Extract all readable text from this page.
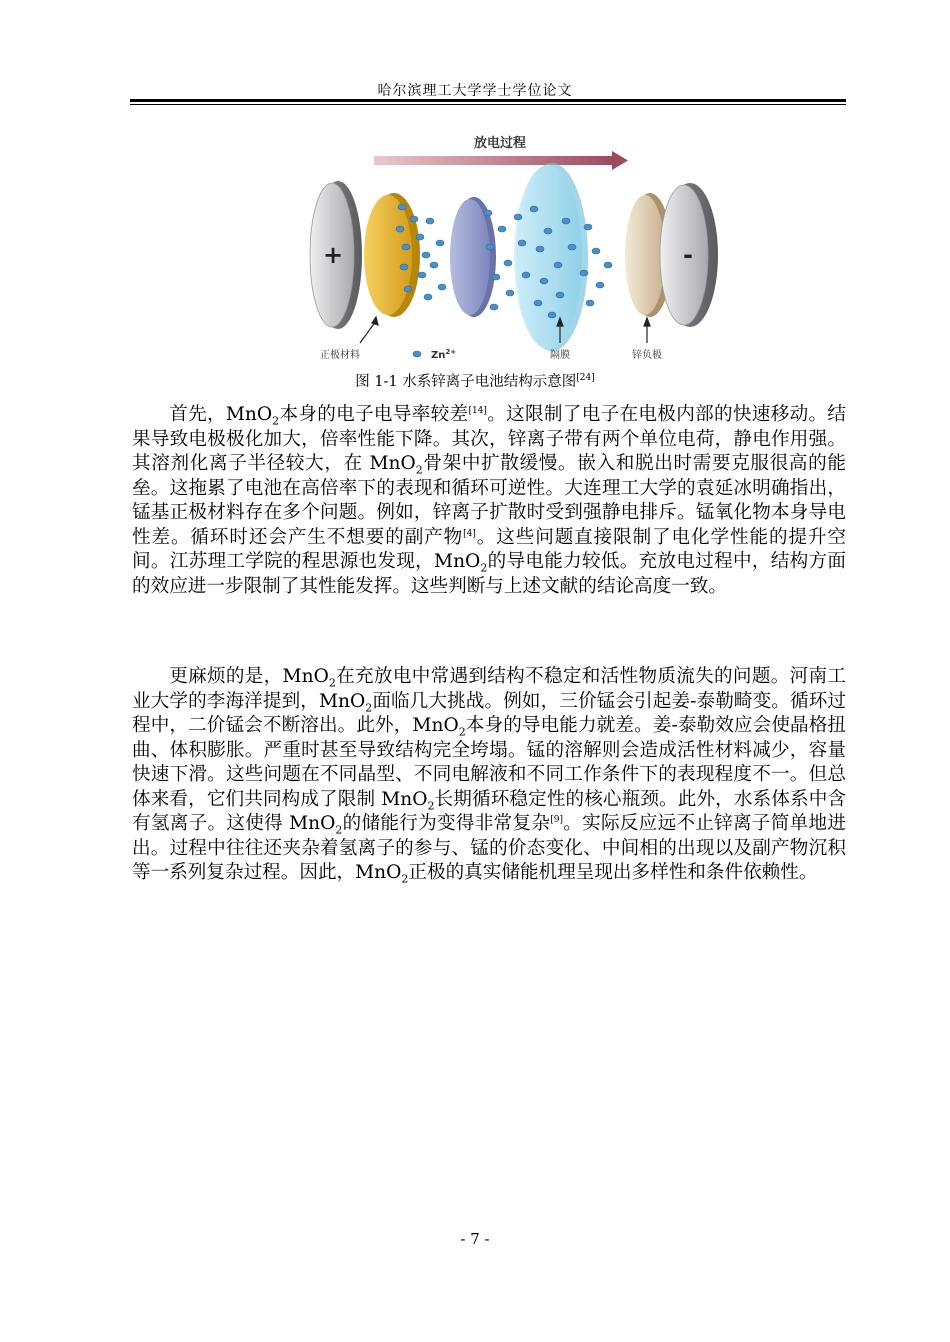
哈尔滨理工大学学士学位论文
放电过程
+	-
正极材料	$Zn^{2+}$	隔膜	锌负极
图 1-1 水系锌离子电池结构示意图[24]
首先，MnO$_2$本身的电子电导率较差[14]。这限制了电子在电极内部的快速移动。结果导致电极极化加大，倍率性能下降。其次，锌离子带有两个单位电荷，静电作用强。其溶剂化离子半径较大，在 MnO$_2$骨架中扩散缓慢。嵌入和脱出时需要克服很高的能垒。这拖累了电池在高倍率下的表现和循环可逆性。大连理工大学的袁延冰明确指出，锰基正极材料存在多个问题。例如，锌离子扩散时受到强静电排斥。锰氧化物本身导电性差。循环时还会产生不想要的副产物[4]。这些问题直接限制了电化学性能的提升空间。江苏理工学院的程思源也发现，MnO$_2$的导电能力较低。充放电过程中，结构方面的效应进一步限制了其性能发挥。这些判断与上述文献的结论高度一致。
更麻烦的是，MnO$_2$在充放电中常遇到结构不稳定和活性物质流失的问题。河南工业大学的李海洋提到，MnO$_2$面临几大挑战。例如，三价锰会引起姜-泰勒畸变。循环过程中，二价锰会不断溶出。此外，MnO$_2$本身的导电能力就差。姜-泰勒效应会使晶格扭曲、体积膨胀。严重时甚至导致结构完全垮塌。锰的溶解则会造成活性材料减少，容量快速下滑。这些问题在不同晶型、不同电解液和不同工作条件下的表现程度不一。但总体来看，它们共同构成了限制 MnO$_2$长期循环稳定性的核心瓶颈。此外，水系体系中含有氢离子。这使得 MnO$_2$的储能行为变得非常复杂[9]。实际反应远不止锌离子简单地进出。过程中往往还夹杂着氢离子的参与、锰的价态变化、中间相的出现以及副产物沉积等一系列复杂过程。因此，MnO$_2$正极的真实储能机理呈现出多样性和条件依赖性。
- 7 -
